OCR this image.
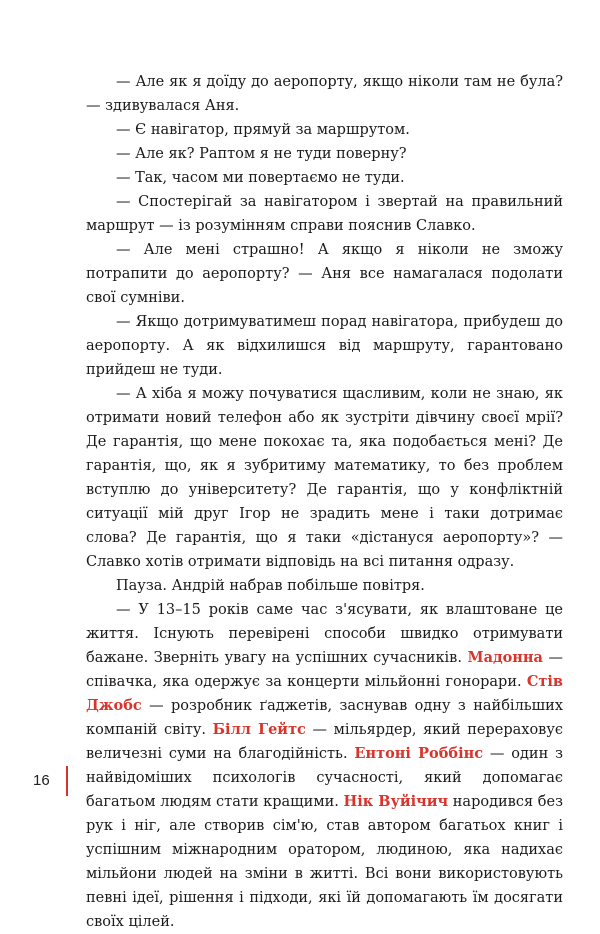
— Але як я доїду до аеропорту, якщо ніколи там не була? — здивувалася Аня.

— Є навігатор, прямуй за маршрутом.

— Але як? Раптом я не туди поверну?

— Так, часом ми повертаємо не туди.

— Спостерігай за навігатором і звертай на правильний маршрут — із розумінням справи пояснив Славко.

— Але мені страшно! А якщо я ніколи не зможу потрапити до аеропорту? — Аня все намагалася подолати свої сумніви.

— Якщо дотримуватимеш порад навігатора, прибудеш до аеропорту. А як відхилишся від маршруту, гарантовано прийдеш не туди.

— А хіба я можу почуватися щасливим, коли не знаю, як отримати новий телефон або як зустріти дівчину своєї мрії? Де гарантія, що мене покохає та, яка подобається мені? Де гарантія, що, як я зубритиму математику, то без проблем вступлю до університету? Де гарантія, що у конфліктній ситуації мій друг Ігор не зрадить мене і таки дотримає слова? Де гарантія, що я таки «дістануся аеропорту»? — Славко хотів отримати відповідь на всі питання одразу.

Пауза. Андрій набрав побільше повітря.

— У 13–15 років саме час з'ясувати, як влаштоване це життя. Існують перевірені способи швидко отримувати бажане. Зверніть увагу на успішних сучасників. Мадонна — співачка, яка одержує за концерти мільйонні гонорари. Стів Джобс — розробник ґаджетів, заснував одну з найбільших компаній світу. Білл Гейтс — мільярдер, який перераховує величезні суми на благодійність. Ентоні Роббінс — один з найвідоміших психологів сучасності, який допомагає багатьом людям стати кращими. Нік Вуйічич народився без рук і ніг, але створив сім'ю, став автором багатьох книг і успішним міжнародним оратором, людиною, яка надихає мільйони людей на зміни в житті. Всі вони використовують певні ідеї, рішення і підходи, які їй допомагають їм досягати своїх цілей.

16
